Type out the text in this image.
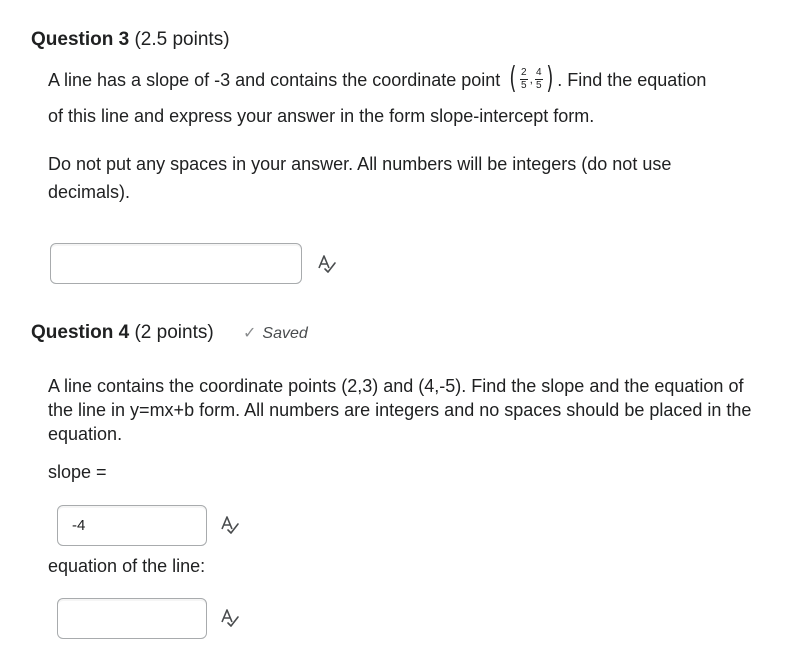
Question 3 (2.5 points)
A line has a slope of -3 and contains the coordinate point ( $\frac{2}{5}$ , $\frac{4}{5}$ ) . Find the equation
of this line and express your answer in the form slope-intercept form.
Do not put any spaces in your answer. All numbers will be integers (do not use decimals).
Question 4 (2 points) ✓ Saved
A line contains the coordinate points (2,3) and (4,-5). Find the slope and the equation of the line in y=mx+b form. All numbers are integers and no spaces should be placed in the equation.
slope =
-4
equation of the line:
